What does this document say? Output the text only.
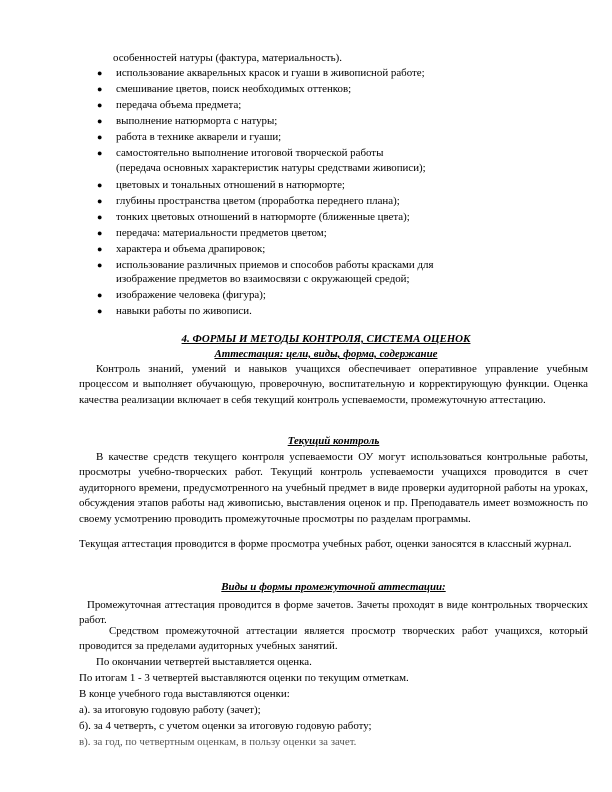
особенностей натуры (фактура, материальность).
● использование акварельных красок и гуаши в живописной работе;
● смешивание цветов, поиск необходимых оттенков;
● передача объема предмета;
● выполнение натюрморта с натуры;
● работа в технике акварели и гуаши;
● самостоятельно выполнение итоговой творческой работы
(передача основных характеристик натуры средствами живописи);
● цветовых и тональных отношений в натюрморте;
● глубины пространства цветом (проработка переднего плана);
● тонких цветовых отношений в натюрморте (ближенные цвета);
● передача: материальности предметов цветом;
● характера и объема драпировок;
● использование различных приемов и способов работы красками для
изображение предметов во взаимосвязи с окружающей средой;
● изображение человека (фигура);
● навыки работы по живописи.
4. ФОРМЫ И МЕТОДЫ КОНТРОЛЯ, СИСТЕМА ОЦЕНОК
Аттестация: цели, виды, форма, содержание
Контроль знаний, умений и навыков учащихся обеспечивает оперативное управление учебным процессом и выполняет обучающую, проверочную, воспитательную и корректирующую функции. Оценка качества реализации включает в себя текущий контроль успеваемости, промежуточную аттестацию.
Текущий контроль
В качестве средств текущего контроля успеваемости ОУ могут использоваться контрольные работы, просмотры учебно-творческих работ. Текущий контроль успеваемости учащихся проводится в счет аудиторного времени, предусмотренного на учебный предмет в виде проверки аудиторной работы на уроках, обсуждения этапов работы над живописью, выставления оценок и пр. Преподаватель имеет возможность по своему усмотрению проводить промежуточные просмотры по разделам программы.
Текущая аттестация проводится в форме просмотра учебных работ, оценки заносятся в классный журнал.
Виды и формы промежуточной аттестации:
Промежуточная аттестация проводится в форме зачетов. Зачеты проходят в виде контрольных творческих работ.
Средством промежуточной аттестации является просмотр творческих работ учащихся, который проводится за пределами аудиторных учебных занятий.
По окончании четвертей выставляется оценка.
По итогам 1 - 3 четвертей выставляются оценки по текущим отметкам.
В конце учебного года выставляются оценки:
а). за итоговую годовую работу (зачет);
б). за 4 четверть, с учетом оценки за итоговую годовую работу;
в). за год, по четвертным оценкам, в пользу оценки за зачет.
